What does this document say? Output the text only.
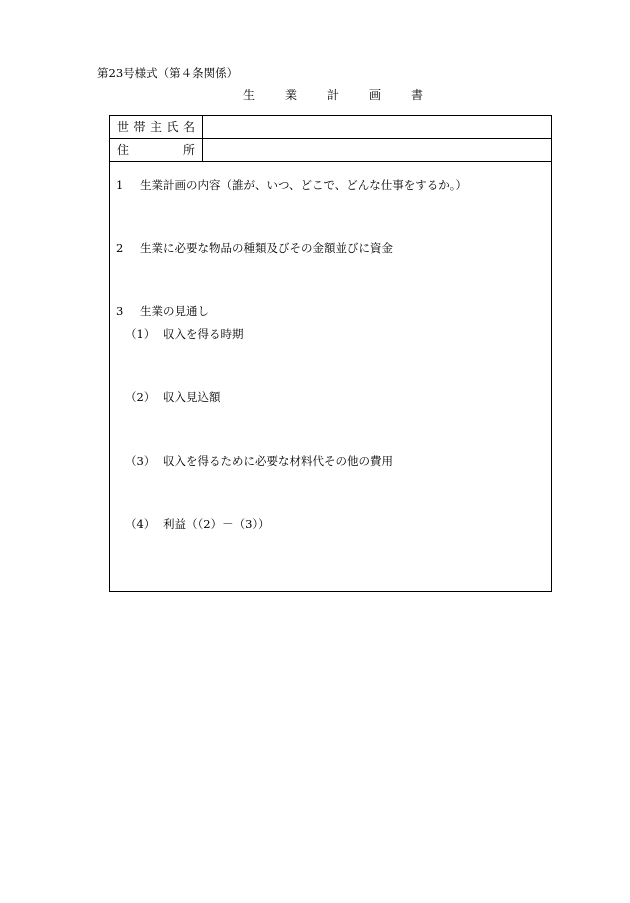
第23号様式（第４条関係）
生 業 計 画 書
世 帯 主 氏 名
住	所
1 生業計画の内容（誰が、いつ、どこで、どんな仕事をするか。）
2 生業に必要な物品の種類及びその金額並びに資金
3 生業の見通し
（1） 収入を得る時期
（2） 収入見込額
（3） 収入を得るために必要な材料代その他の費用
（4） 利益（（2）－（3））
